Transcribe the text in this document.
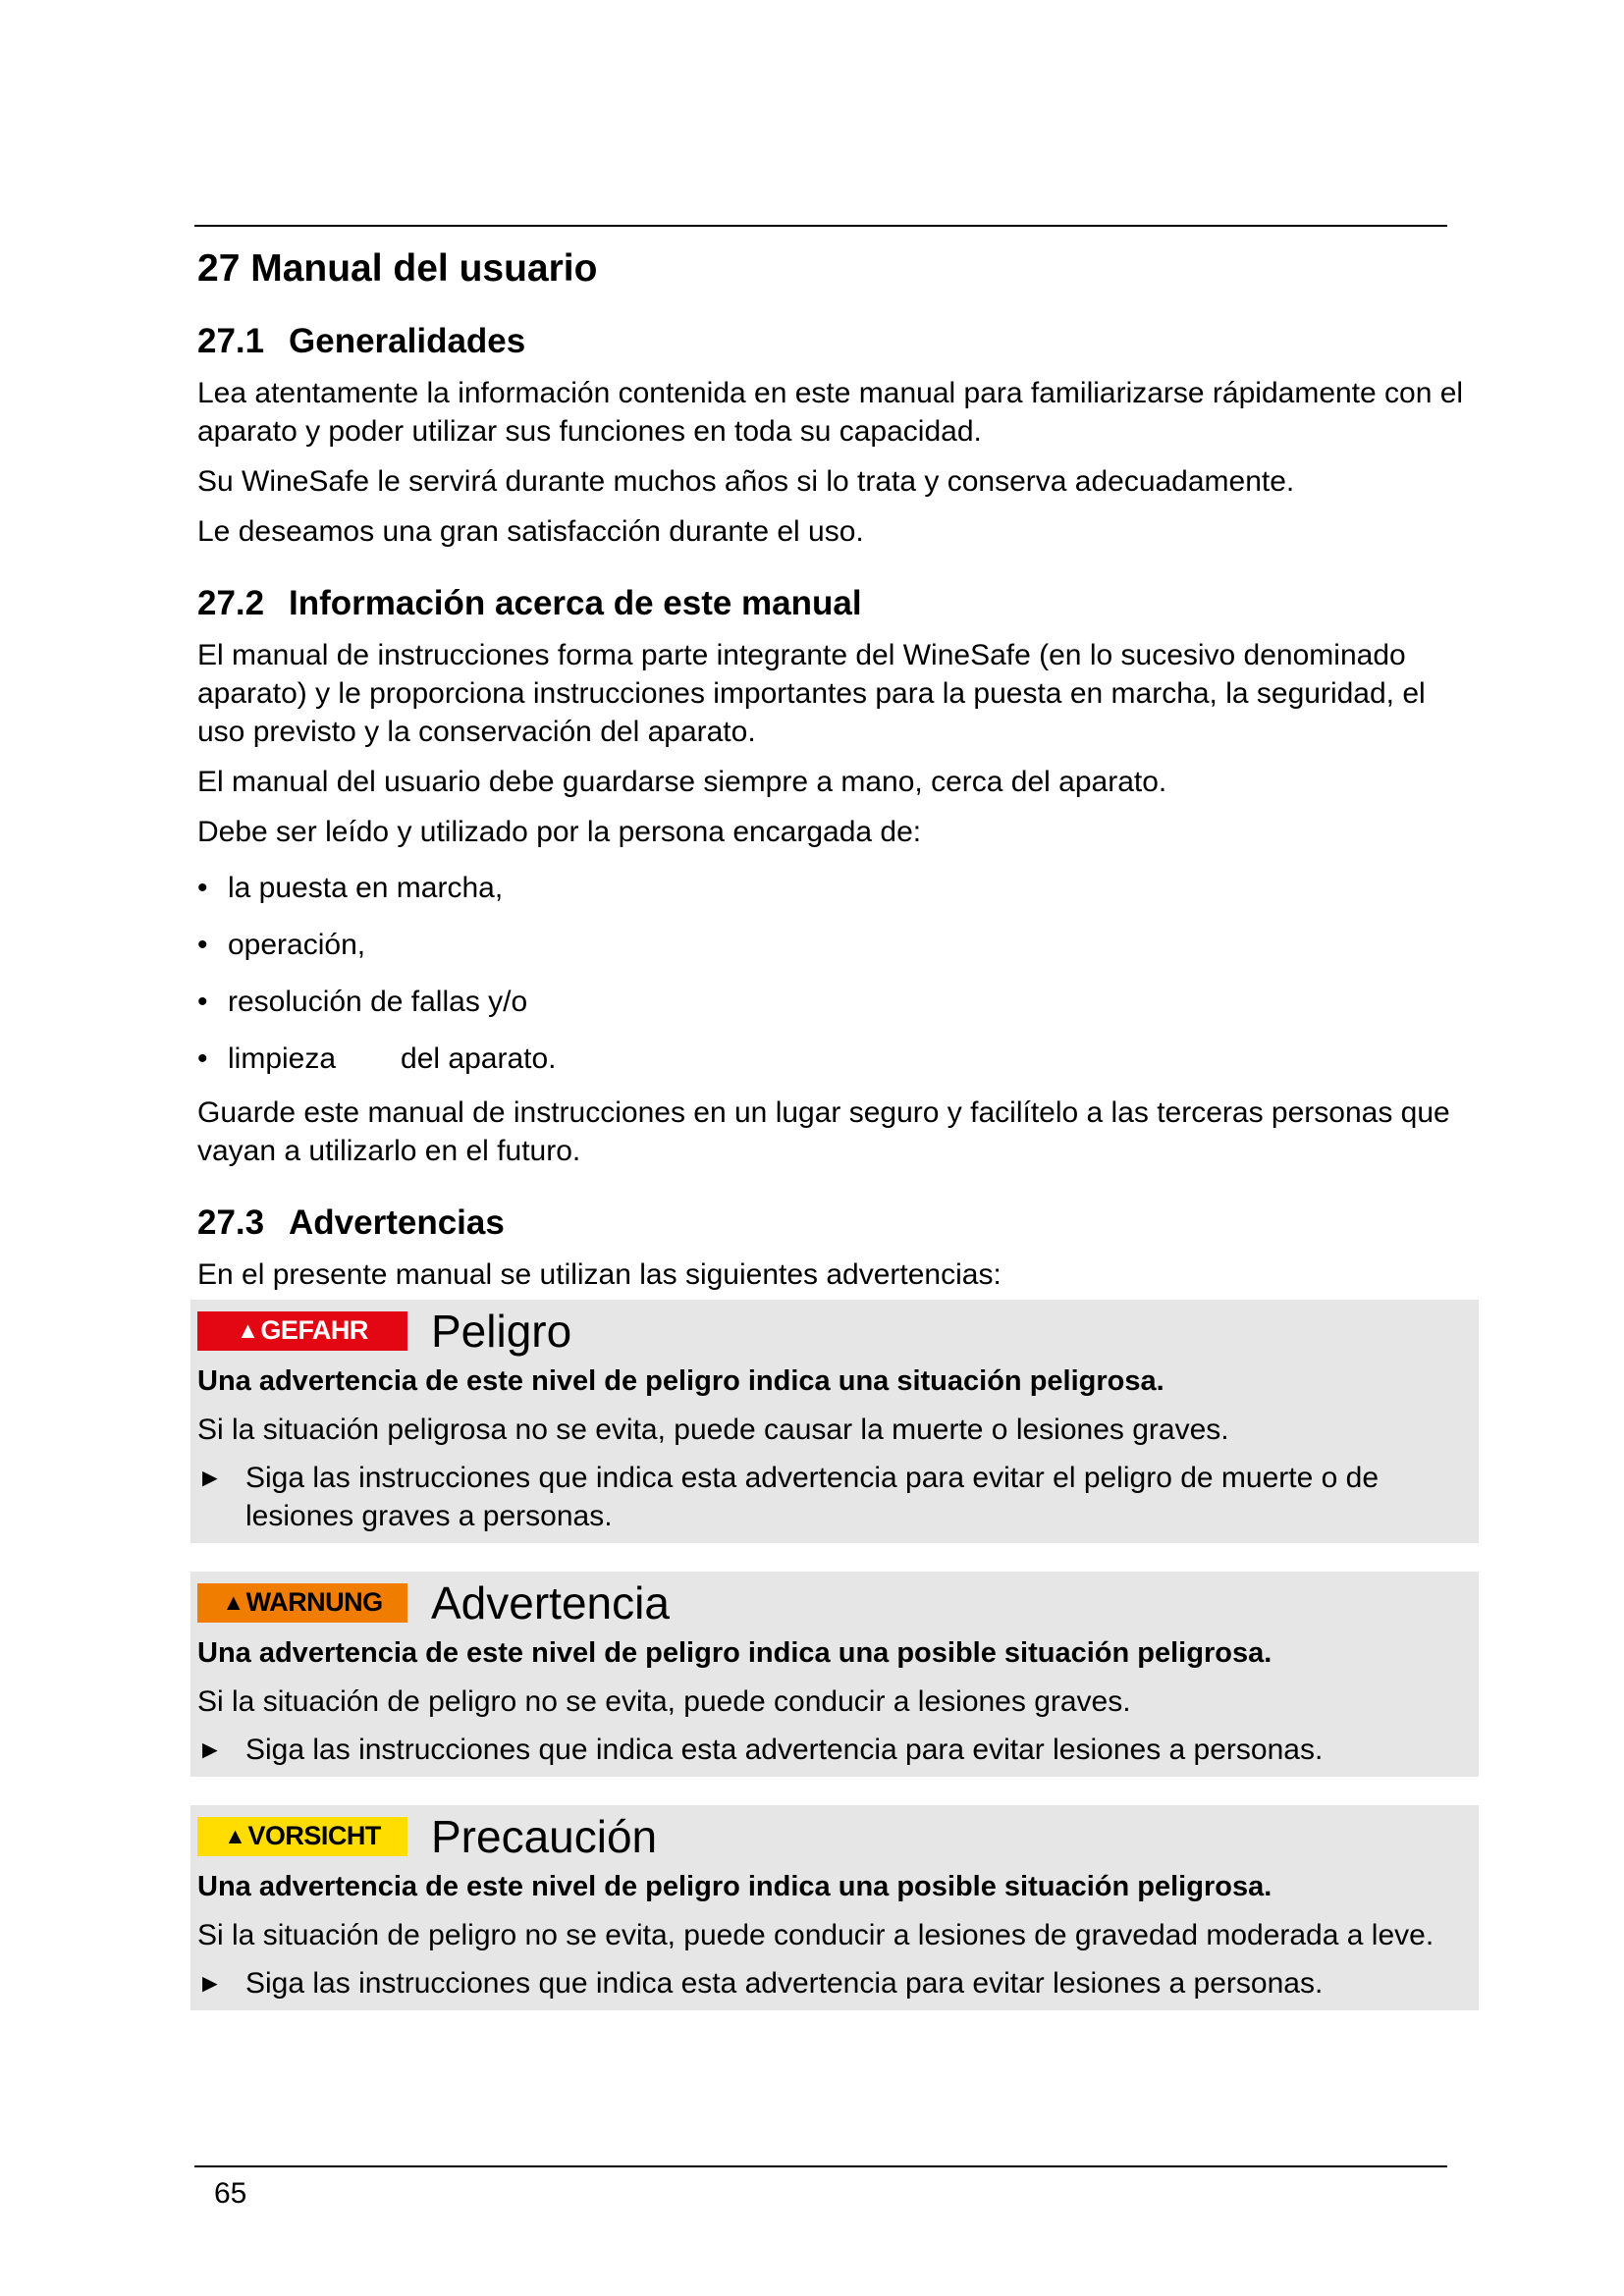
27 Manual del usuario
27.1 Generalidades

Lea atentamente la información contenida en este manual para familiarizarse rápidamente con el aparato y poder utilizar sus funciones en toda su capacidad.

Su WineSafe le servirá durante muchos años si lo trata y conserva adecuadamente.

Le deseamos una gran satisfacción durante el uso.

27.2 Información acerca de este manual

El manual de instrucciones forma parte integrante del WineSafe (en lo sucesivo denominado aparato) y le proporciona instrucciones importantes para la puesta en marcha, la seguridad, el uso previsto y la conservación del aparato.

El manual del usuario debe guardarse siempre a mano, cerca del aparato.

Debe ser leído y utilizado por la persona encargada de:

• la puesta en marcha,
• operación,
• resolución de fallas y/o
• limpieza del aparato.

Guarde este manual de instrucciones en un lugar seguro y facilítelo a las terceras personas que vayan a utilizarlo en el futuro.

27.3 Advertencias

En el presente manual se utilizan las siguientes advertencias:

▲ GEFAHR Peligro

Una advertencia de este nivel de peligro indica una situación peligrosa.

Si la situación peligrosa no se evita, puede causar la muerte o lesiones graves.

► Siga las instrucciones que indica esta advertencia para evitar el peligro de muerte o de lesiones graves a personas.
▲ WARNUNG Advertencia

Una advertencia de este nivel de peligro indica una posible situación peligrosa.

Si la situación de peligro no se evita, puede conducir a lesiones graves.

► Siga las instrucciones que indica esta advertencia para evitar lesiones a personas.
▲ VORSICHT Precaución

Una advertencia de este nivel de peligro indica una posible situación peligrosa.

Si la situación de peligro no se evita, puede conducir a lesiones de gravedad moderada a leve.

► Siga las instrucciones que indica esta advertencia para evitar lesiones a personas.
65
